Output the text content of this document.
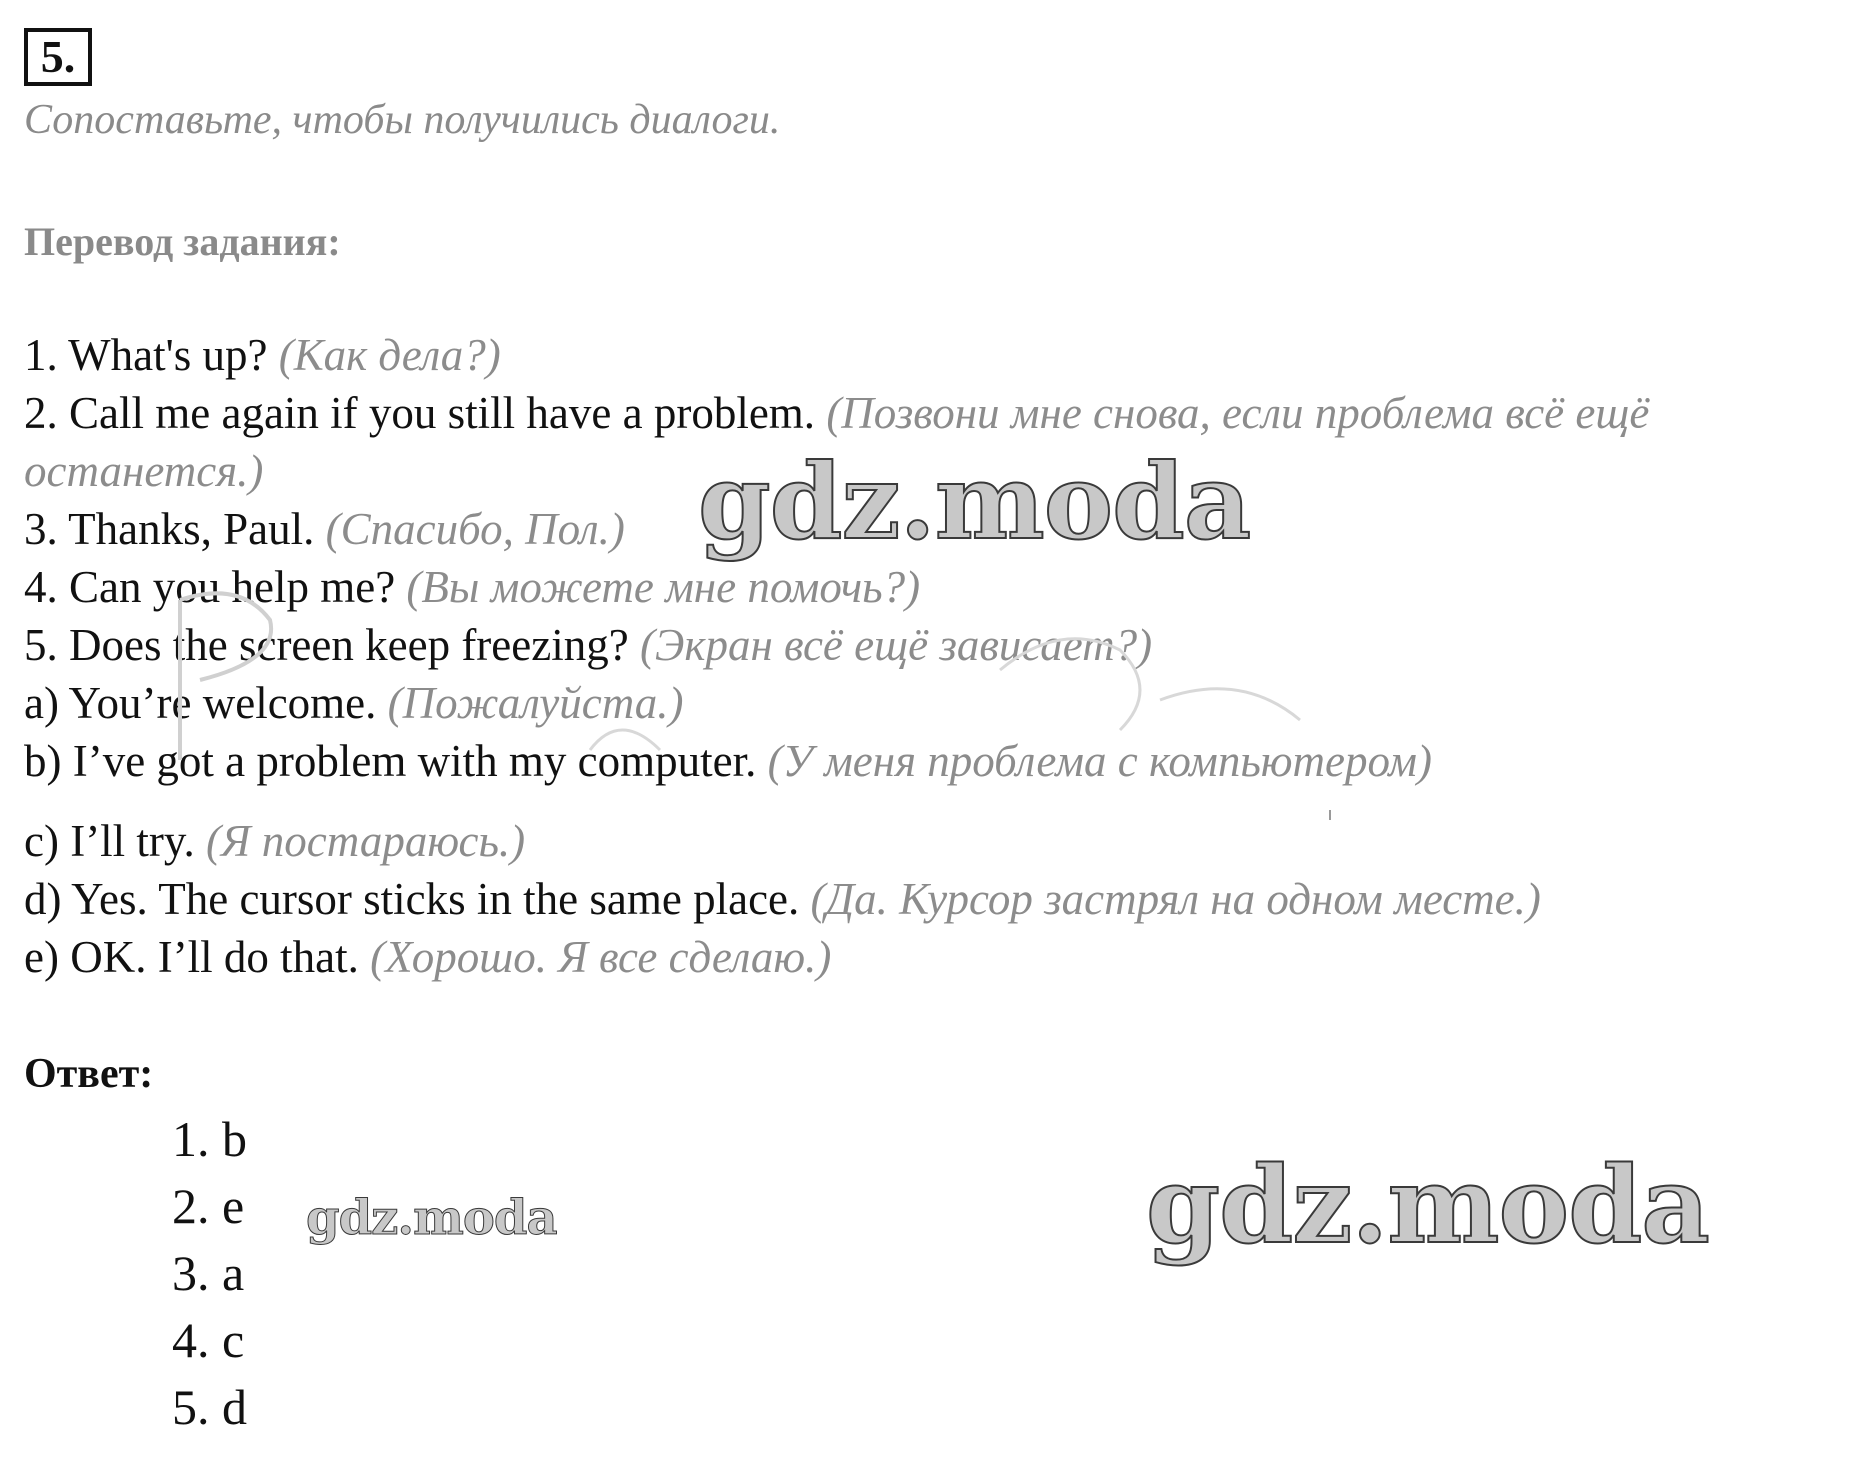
5.
Сопоставьте, чтобы получились диалоги.
Перевод задания:

1. What's up? (Как дела?)

2. Call me again if you still have a problem. (Позвони мне снова, если проблема всё ещё останется.)

3. Thanks, Paul. (Спасибо, Пол.)

4. Can you help me? (Вы можете мне помочь?)

5. Does the screen keep freezing? (Экран всё ещё зависает?)

a) You’re welcome. (Пожалуйста.)

b) I’ve got a problem with my computer. (У меня проблема с компьютером)

c) I’ll try. (Я постараюсь.)

d) Yes. The cursor sticks in the same place. (Да. Курсор застрял на одном месте.)

e) OK. I’ll do that. (Хорошо. Я все сделаю.)

Ответ:

1. b

2. e

3. a

4. c

5. d

gdz.moda
gdz.moda
gdz.moda
